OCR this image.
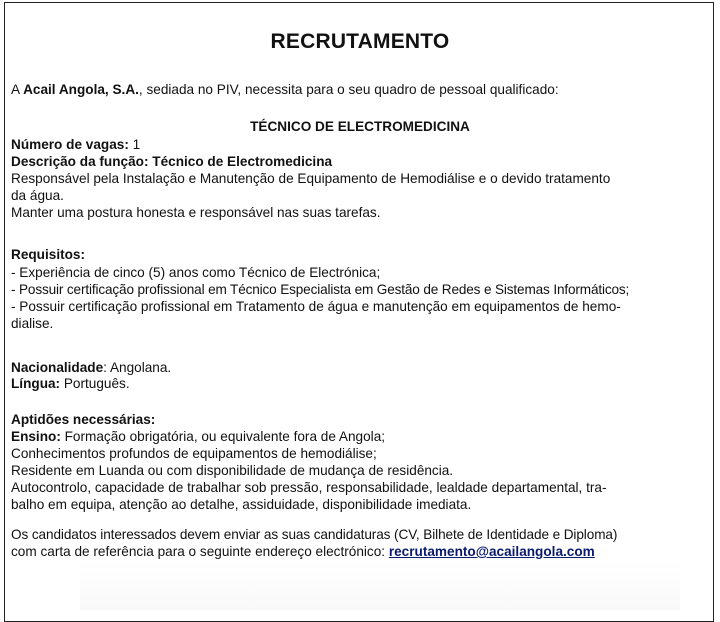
RECRUTAMENTO
A Acail Angola, S.A., sediada no PIV, necessita para o seu quadro de pessoal qualificado:
TÉCNICO DE ELECTROMEDICINA
Número de vagas: 1
Descrição da função: Técnico de Electromedicina
Responsável pela Instalação e Manutenção de Equipamento de Hemodiálise e o devido tratamento
da água.
Manter uma postura honesta e responsável nas suas tarefas.
Requisitos:
- Experiência de cinco (5) anos como Técnico de Electrónica;
- Possuir certificação profissional em Técnico Especialista em Gestão de Redes e Sistemas Informáticos;
- Possuir certificação profissional em Tratamento de água e manutenção em equipamentos de hemo-
dialise.
Nacionalidade: Angolana.
Língua: Português.
Aptidões necessárias:
Ensino: Formação obrigatória, ou equivalente fora de Angola;
Conhecimentos profundos de equipamentos de hemodiálise;
Residente em Luanda ou com disponibilidade de mudança de residência.
Autocontrolo, capacidade de trabalhar sob pressão, responsabilidade, lealdade departamental, tra-
balho em equipa, atenção ao detalhe, assiduidade, disponibilidade imediata.
Os candidatos interessados devem enviar as suas candidaturas (CV, Bilhete de Identidade e Diploma)
com carta de referência para o seguinte endereço electrónico: recrutamento@acailangola.com
